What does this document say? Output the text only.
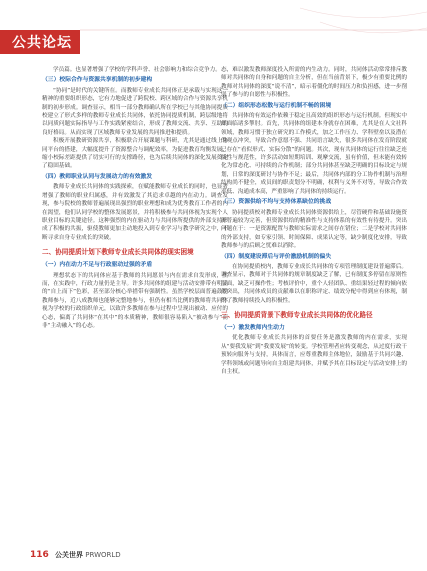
公共论坛

学员篇。也显著增强了学校的学科声誉、社会影响力和综合竞争力。

（三）校际合作与资源共享机制的初步建构

“协同”是时代的关键所在。而教师专业成长共同体正是承载与实现这一精神的重要组织形态，它有力地促进了跨院校、跨区域的合作与资源共享机制的初步形成。调查显示，相当一部分教师确认所在学校已与其他协同提质校建立了形式多样的教师专业成长共同体，依托协同提质机制，跨层级地将以同质问题实际指导与工作实践紧密结合，形成了教师交流、共享、互助的良好格局。从而实现了区域教师专业发展的共同推进和提质。

积极开展教研资源共享，积极联合开展课题与科研，尤其是通过线上协同平台的搭建，大幅度提升了资源整合与调配效率，为促进教育均衡发展、缩小校际差距提供了切实可行的支撑路径，也为后续共同体的深化发展奠定了稳固基础。

（四）教师职业认同与发展动力的有效激发

教师专业成长共同体的实践探索，在赋能教师专业成长的同时，也显著增强了教师的职业归属感，并有效激发了其追求卓越的内在动力。调查发现，参与院校的教师普遍展现出强烈的职业理想和成为优秀教育工作者的内在渴望，他们认同学校的整体发展愿景，并将积极参与共同体视为实现个人职业目标的关键途径。这种强烈的内在驱动力与共同体所提供的外部支持形成了积极的共振，驱使教师更加主动地投入到专业学习与教学研究之中，不断寻求自身专业成长的突破。

二、协同提质计划下教师专业成长共同体的现实困境
（一）内在动力不足与行政驱动过强的矛盾

理想状态下的共同体应基于教师的共同愿景与内在需求自发形成，然而，在实践中，行政力量仍是主导。许多共同体的组建与活动安排带有明显的“自上而下”色彩，甚至部分核心举措带有强制性。虽然学校层面普遍鼓励教师参与，近八成教师也能够完整地参与，但仍有相当比例的教师将共同体视为学校的行政组织单元，以致许多教师在参与过程中呈现出被动、应付的心态，偏离了共同体“在其中”的本质精神，教师很容易陷入“被动参与”而非“主动融入”的心态。

态，难以激发教师深度投入所需的内生动力。同时，共同体活动常常排斥教师对共同体的自身和问题的自主分析，但在当前背景下，极少有重要比例的教师对共同体的深度“说不清”，暗示着僵化的时间压力和负担感，进一步削弱了参与的自愿性与积极性。

（二）组织形态松散与运行机制不畅的困境

共同体的有效运作依赖于稳定且高效的组织形态与运行机制。但现实中却面临诸多掣肘。首先，共同体的组建本身就存在困难，尤其是在人文社科领域，教师习惯于独立研究的工作模式，加之工作压力、学科壁垒以及潜在的观点冲突，导致合作意愿不强、共同语言缺失，很多共同体在发育阶段就已存在“看似形式、实际分散”的问题。其次，现有共同体的运行往往缺乏连续性与规范性，许多活动如短期培训、观摩交流，虽有价值，但未能有效转化为常态化、可持续的合作机制；部分共同体甚至缺乏明确的目标设定与规划，日常的深度研讨与协作不足；最后，共同体内部的分工协作机制与治理结构尚不健全，成员间的职责划分不明确，权利与义务不对等，导致合作效率低、沟通成本高，严重影响了共同体的持续运行。

（三）资源供给不均与支持体系缺位的挑战

协同提质校对教师专业成长共同体资源供给上，尽管硬件和基础设施资源普遍较为完善，但资源供给的精准性与支持体系的有效性有待提升。突出问题在于：一是资源配置与教师实际需求之间存在错位；二是学校对共同体的外部支持，如专家引领、时间保障、成果认定等，缺少制度化安排，导致教师参与的后顾之忧难以消除。

（四）制度建设滞后与评价激励机制的偏失

在协同提质校内，教师专业成长共同体的专项管理制度建设普遍滞后。调查显示，教师对于共同体的规章制度缺乏了解，已有制度多停留在原则性层面，缺乏可操作性；考核评价中，重个人轻团队、重结果轻过程的倾向依然突出，共同体成员的贡献难以在职称评定、绩效分配中得到应有体现，制约了教师持续投入的积极性。

三、协同提质背景下教师专业成长共同体的优化路径
（一）激发教师内生动力

优化教师专业成长共同体的首要任务是激发教师的内在需求，实现从“要我发展”到“我要发展”的转变。学校管理者应转变观念，从过度行政干预转向服务与支持，具体而言，应尊重教师主体地位，鼓励基于共同兴趣、学科领域或问题导向自主组建共同体，并赋予其在目标设定与活动安排上的自主权。

116 公关世界 PRWORLD
